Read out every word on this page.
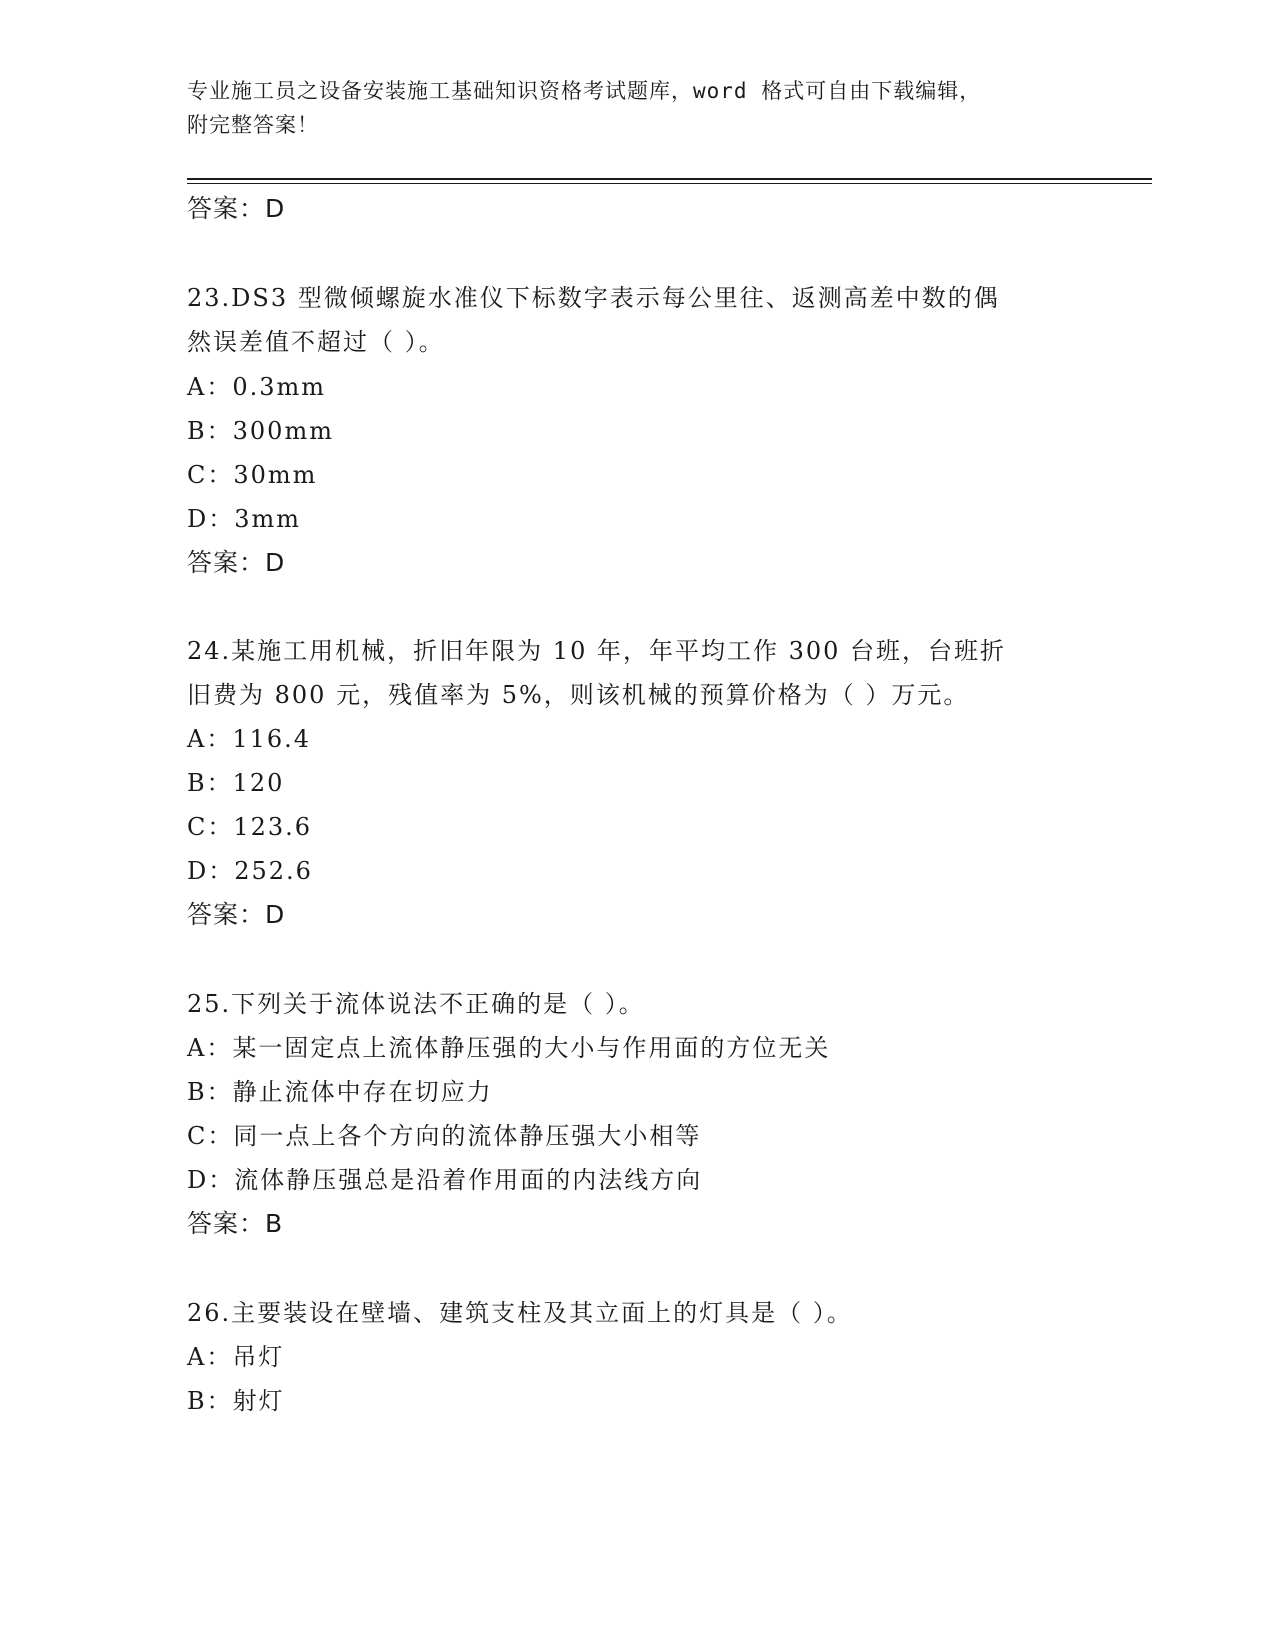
专业施工员之设备安装施工基础知识资格考试题库，word 格式可自由下载编辑，
附完整答案！
答案：D
23.DS3 型微倾螺旋水准仪下标数字表示每公里往、返测高差中数的偶
然误差值不超过（ ）。
A：0.3mm
B：300mm
C：30mm
D：3mm
答案：D
24.某施工用机械，折旧年限为 10 年，年平均工作 300 台班，台班折
旧费为 800 元，残值率为 5%，则该机械的预算价格为（ ）万元。
A：116.4
B：120
C：123.6
D：252.6
答案：D
25.下列关于流体说法不正确的是（ ）。
A：某一固定点上流体静压强的大小与作用面的方位无关
B：静止流体中存在切应力
C：同一点上各个方向的流体静压强大小相等
D：流体静压强总是沿着作用面的内法线方向
答案：B
26.主要装设在壁墙、建筑支柱及其立面上的灯具是（ ）。
A：吊灯
B：射灯
